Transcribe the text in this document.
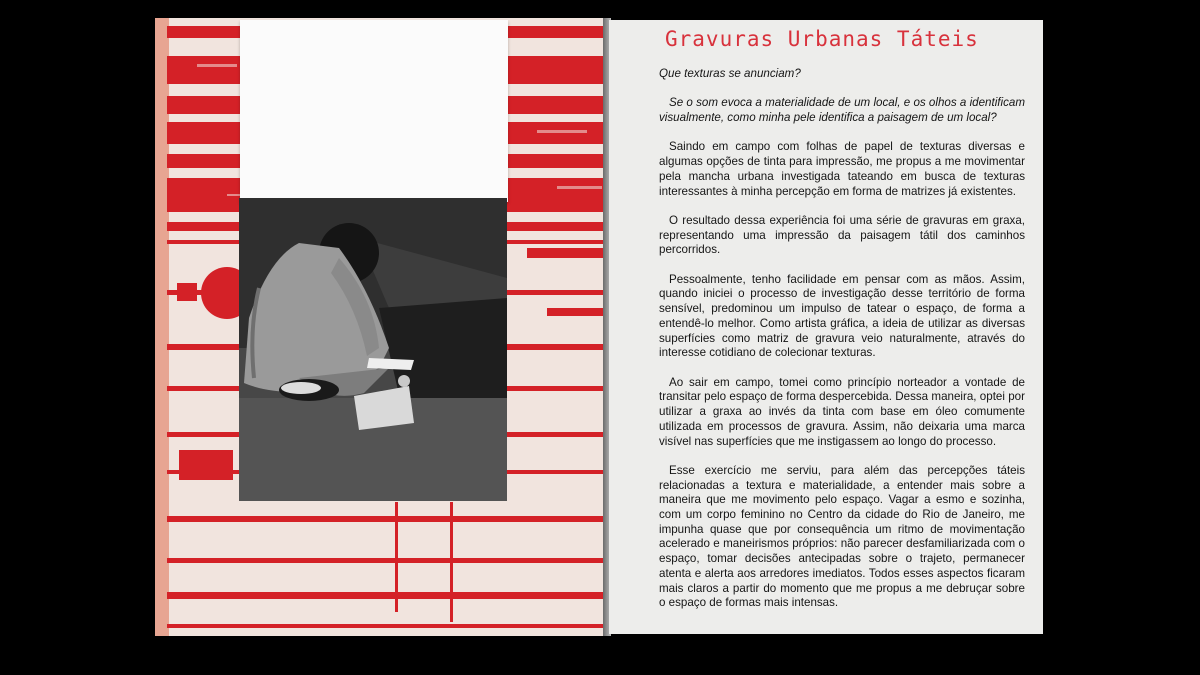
Gravuras Urbanas Táteis

Que texturas se anunciam?

Se o som evoca a materialidade de um local, e os olhos a identificam visualmente, como minha pele identifica a paisagem de um local?

Saindo em campo com folhas de papel de texturas diversas e algumas opções de tinta para impressão, me propus a me movimentar pela mancha urbana investigada tateando em busca de texturas interessantes à minha percepção em forma de matrizes já existentes.

O resultado dessa experiência foi uma série de gravuras em graxa, representando uma impressão da paisagem tátil dos caminhos percorridos.

Pessoalmente, tenho facilidade em pensar com as mãos. Assim, quando iniciei o processo de investigação desse território de forma sensível, predominou um impulso de tatear o espaço, de forma a entendê-lo melhor. Como artista gráfica, a ideia de utilizar as diversas superfícies como matriz de gravura veio naturalmente, através do interesse cotidiano de colecionar texturas.

Ao sair em campo, tomei como princípio norteador a vontade de transitar pelo espaço de forma despercebida. Dessa maneira, optei por utilizar a graxa ao invés da tinta com base em óleo comumente utilizada em processos de gravura. Assim, não deixaria uma marca visível nas superfícies que me instigassem ao longo do processo.

Esse exercício me serviu, para além das percepções táteis relacionadas a textura e materialidade, a entender mais sobre a maneira que me movimento pelo espaço. Vagar a esmo e sozinha, com um corpo feminino no Centro da cidade do Rio de Janeiro, me impunha quase que por consequência um ritmo de movimentação acelerado e maneirismos próprios: não parecer desfamiliarizada com o espaço, tomar decisões antecipadas sobre o trajeto, permanecer atenta e alerta aos arredores imediatos. Todos esses aspectos ficaram mais claros a partir do momento que me propus a me debruçar sobre o espaço de formas mais intensas.
